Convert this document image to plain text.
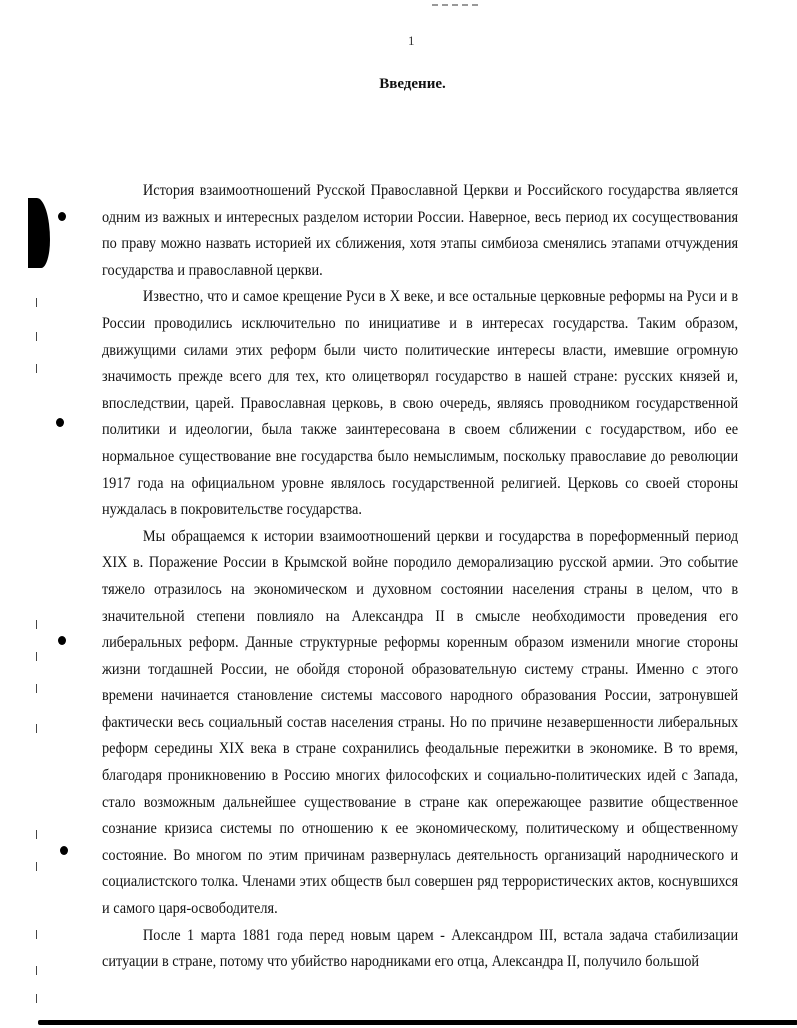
1
Введение.

История взаимоотношений Русской Православной Церкви и Российского государства является одним из важных и интересных разделом истории России. Наверное, весь период их сосуществования по праву можно назвать историей их сближения, хотя этапы симбиоза сменялись этапами отчуждения государства и православной церкви.

Известно, что и самое крещение Руси в X веке, и все остальные церковные реформы на Руси и в России проводились исключительно по инициативе и в интересах государства. Таким образом, движущими силами этих реформ были чисто политические интересы власти, имевшие огромную значимость прежде всего для тех, кто олицетворял государство в нашей стране: русских князей и, впоследствии, царей. Православная церковь, в свою очередь, являясь проводником государственной политики и идеологии, была также заинтересована в своем сближении с государством, ибо ее нормальное существование вне государства было немыслимым, поскольку православие до революции 1917 года на официальном уровне являлось государственной религией. Церковь со своей стороны нуждалась в покровительстве государства.

Мы обращаемся к истории взаимоотношений церкви и государства в пореформенный период XIX в. Поражение России в Крымской войне породило деморализацию русской армии. Это событие тяжело отразилось на экономическом и духовном состоянии населения страны в целом, что в значительной степени повлияло на Александра II в смысле необходимости проведения его либеральных реформ. Данные структурные реформы коренным образом изменили многие стороны жизни тогдашней России, не обойдя стороной образовательную систему страны. Именно с этого времени начинается становление системы массового народного образования России, затронувшей фактически весь социальный состав населения страны. Но по причине незавершенности либеральных реформ середины XIX века в стране сохранились феодальные пережитки в экономике. В то время, благодаря проникновению в Россию многих философских и социально-политических идей с Запада, стало возможным дальнейшее существование в стране как опережающее развитие общественное сознание кризиса системы по отношению к ее экономическому, политическому и общественному состояние. Во многом по этим причинам развернулась деятельность организаций народнического и социалистского толка. Членами этих обществ был совершен ряд террористических актов, коснувшихся и самого царя-освободителя.

После 1 марта 1881 года перед новым царем - Александром III, встала задача стабилизации ситуации в стране, потому что убийство народниками его отца, Александра II, получило большой
